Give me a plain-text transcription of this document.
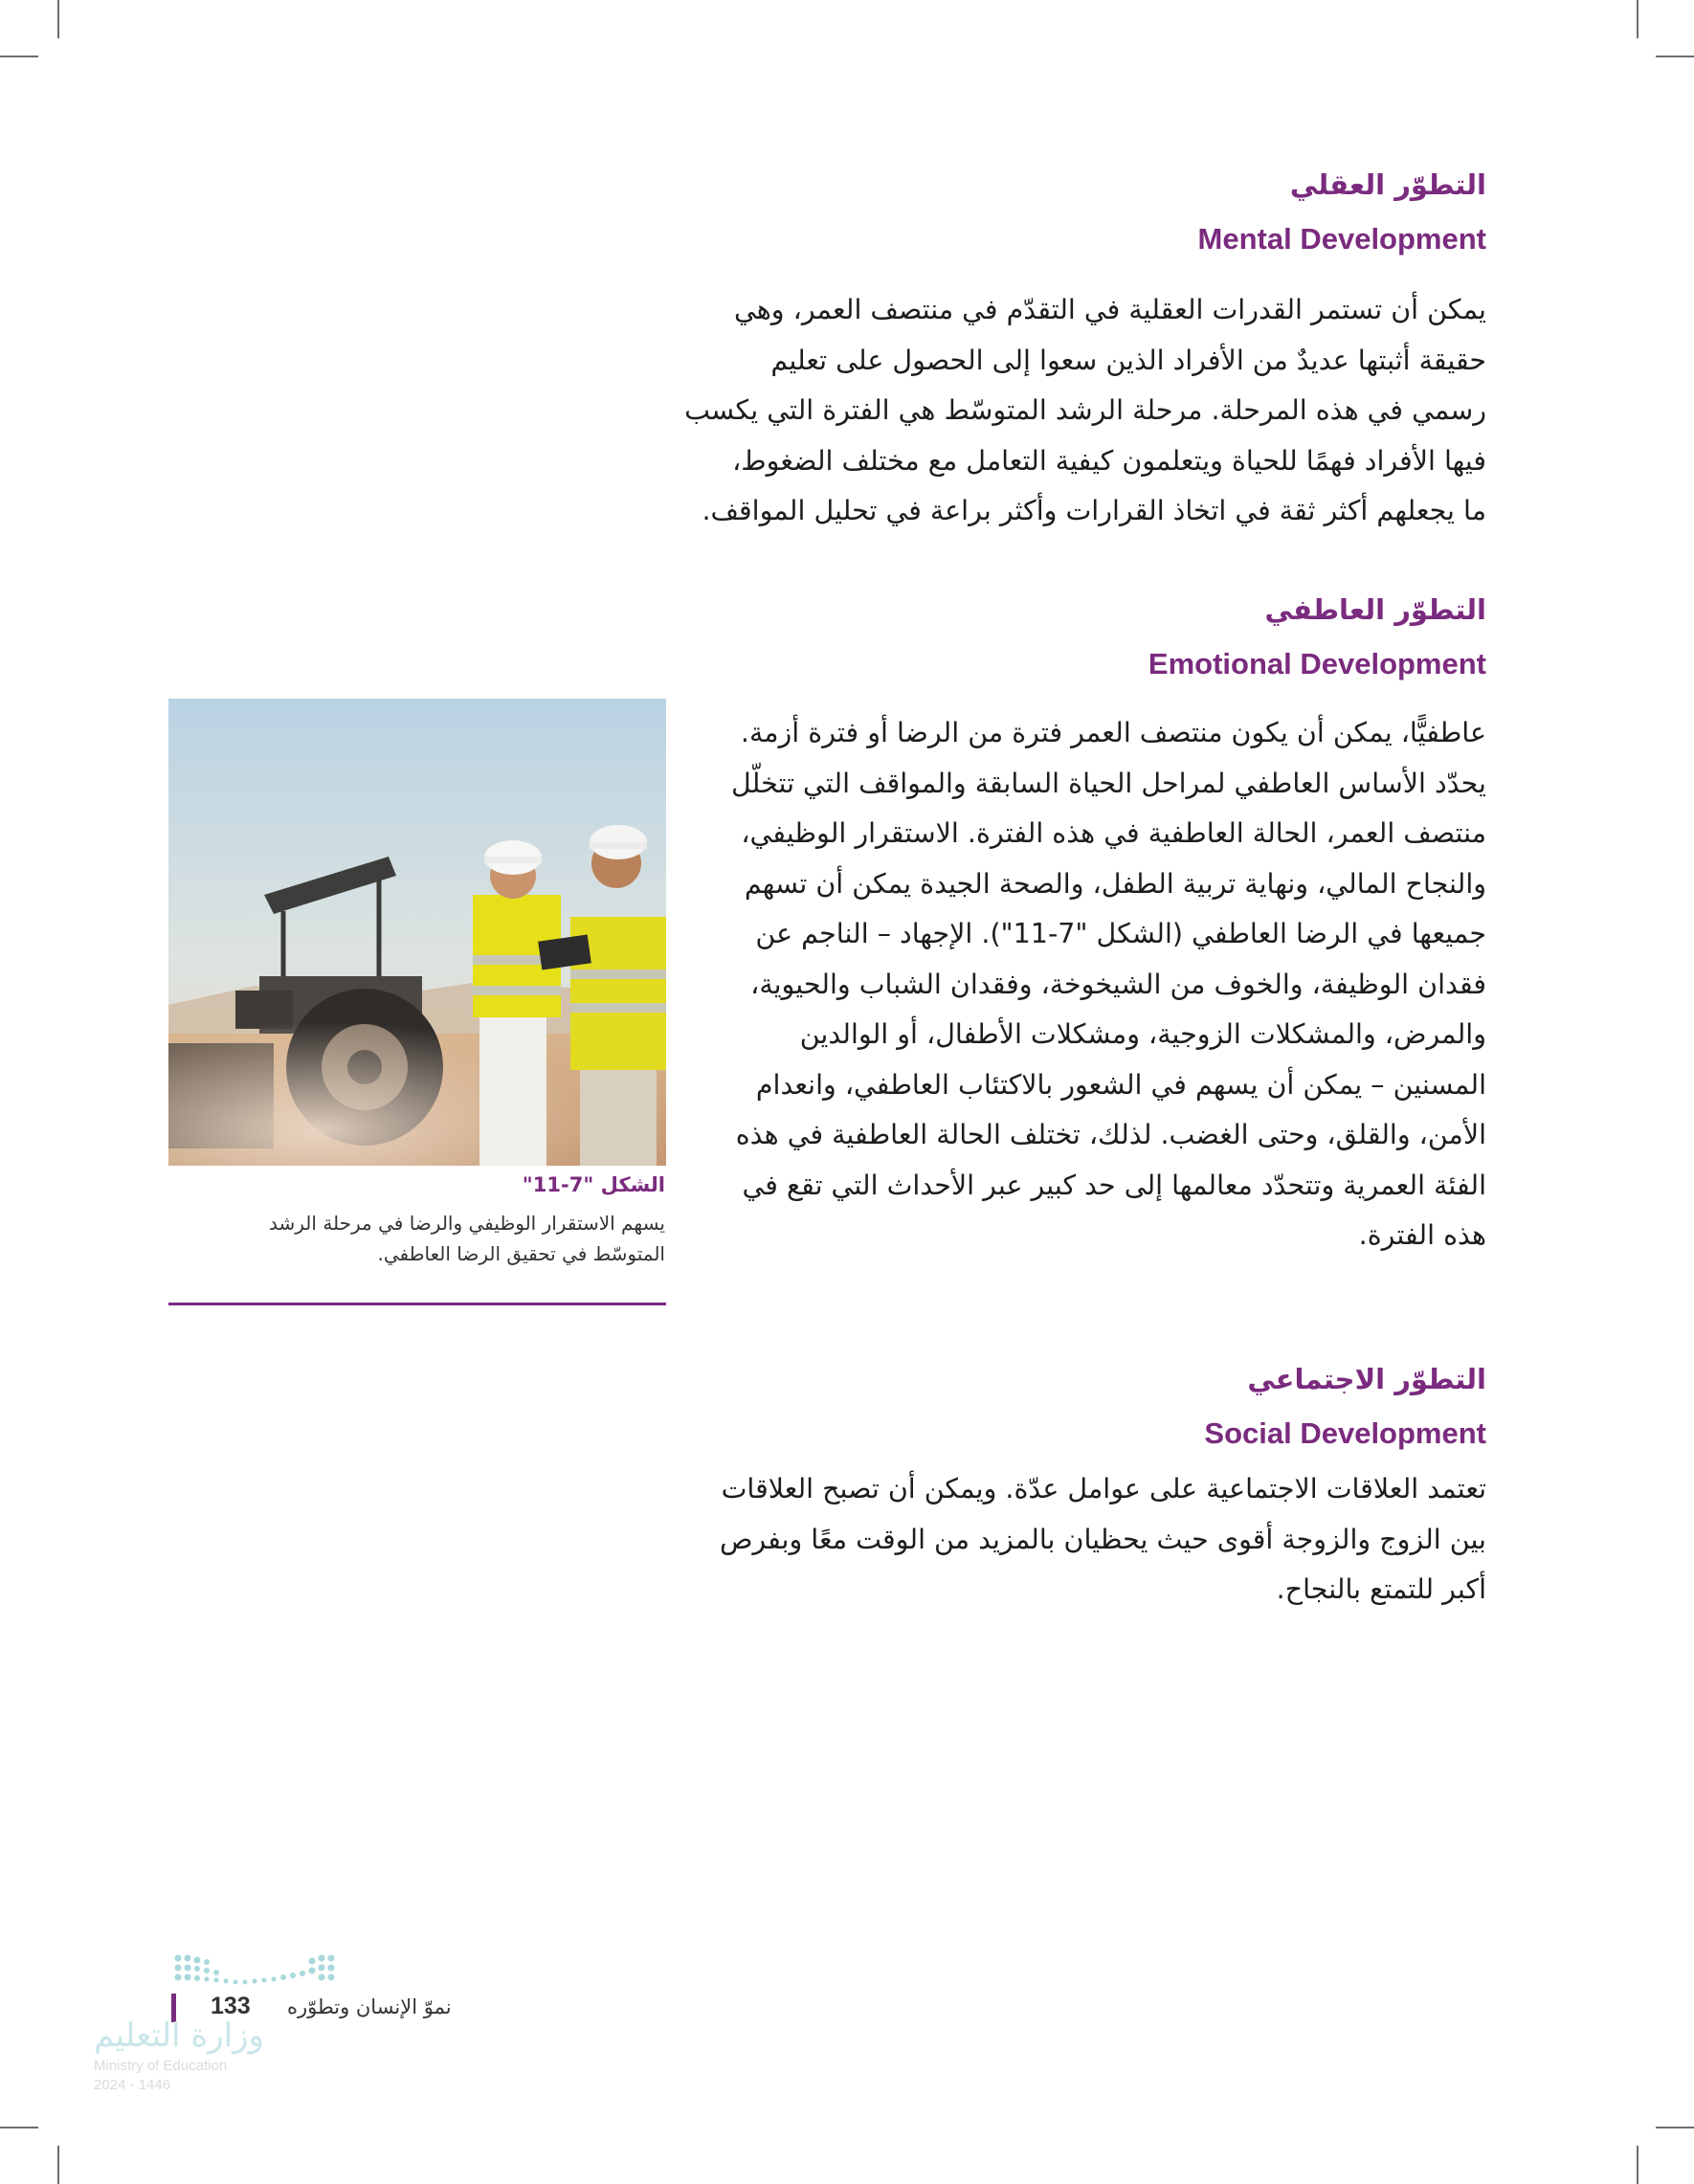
التطوّر العقلي
Mental Development
يمكن أن تستمر القدرات العقلية في التقدّم في منتصف العمر، وهي
حقيقة أثبتها عديدٌ من الأفراد الذين سعوا إلى الحصول على تعليم
رسمي في هذه المرحلة. مرحلة الرشد المتوسّط هي الفترة التي يكسب
فيها الأفراد فهمًا للحياة ويتعلمون كيفية التعامل مع مختلف الضغوط،
ما يجعلهم أكثر ثقة في اتخاذ القرارات وأكثر براعة في تحليل المواقف.
التطوّر العاطفي
Emotional Development
عاطفيًّا، يمكن أن يكون منتصف العمر فترة من الرضا أو فترة أزمة.
يحدّد الأساس العاطفي لمراحل الحياة السابقة والمواقف التي تتخلّل
منتصف العمر، الحالة العاطفية في هذه الفترة. الاستقرار الوظيفي،
والنجاح المالي، ونهاية تربية الطفل، والصحة الجيدة يمكن أن تسهم
جميعها في الرضا العاطفي (الشكل "7-11"). الإجهاد – الناجم عن
فقدان الوظيفة، والخوف من الشيخوخة، وفقدان الشباب والحيوية،
والمرض، والمشكلات الزوجية، ومشكلات الأطفال، أو الوالدين
المسنين – يمكن أن يسهم في الشعور بالاكتئاب العاطفي، وانعدام
الأمن، والقلق، وحتى الغضب. لذلك، تختلف الحالة العاطفية في هذه
الفئة العمرية وتتحدّد معالمها إلى حد كبير عبر الأحداث التي تقع في
هذه الفترة.

الشكل "7-11"

يسهم الاستقرار الوظيفي والرضا في مرحلة الرشد
المتوسّط في تحقيق الرضا العاطفي.
التطوّر الاجتماعي
Social Development
تعتمد العلاقات الاجتماعية على عوامل عدّة. ويمكن أن تصبح العلاقات
بين الزوج والزوجة أقوى حيث يحظيان بالمزيد من الوقت معًا وبفرص
أكبر للتمتع بالنجاح.

نموّ الإنسان وتطوّره

133

وزارة التعليم

Ministry of Education

2024 - 1446
